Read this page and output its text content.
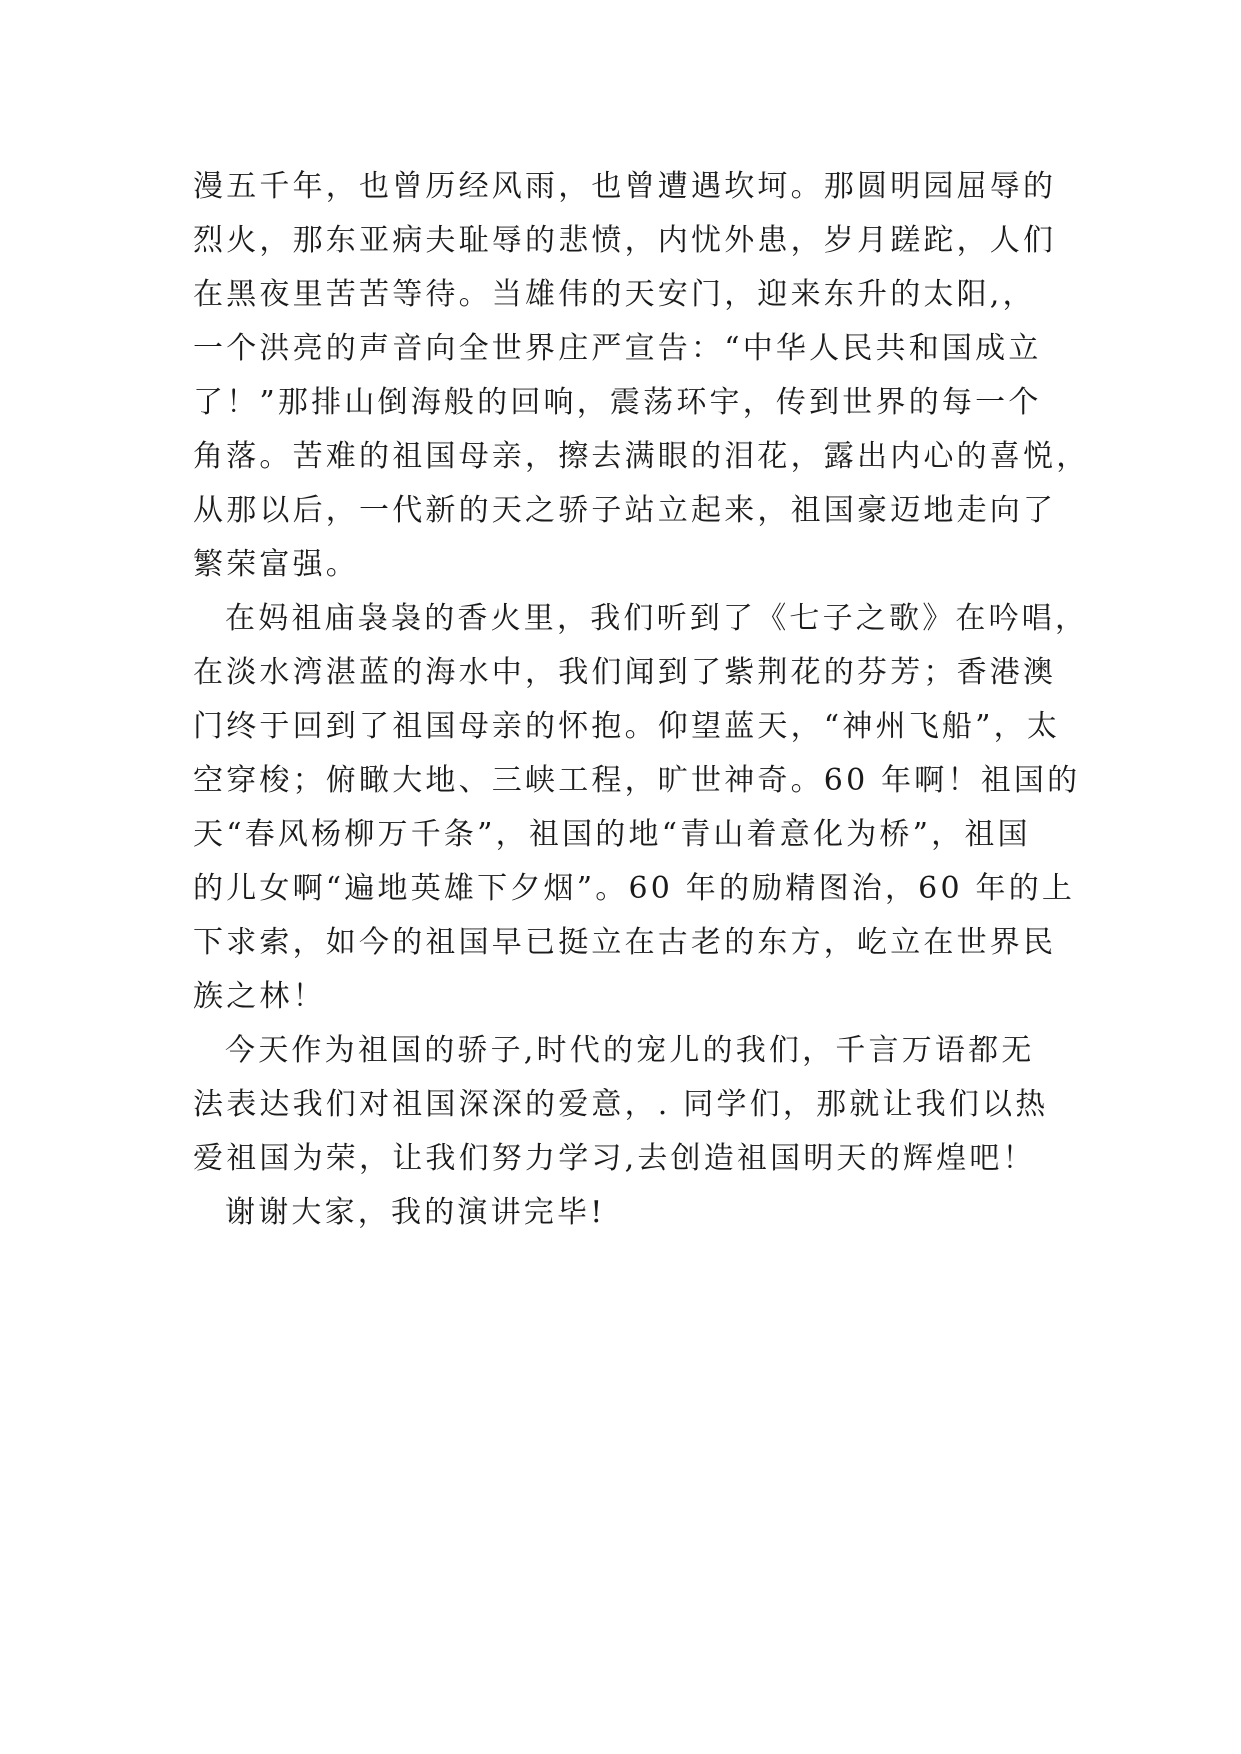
漫五千年，也曾历经风雨，也曾遭遇坎坷。那圆明园屈辱的
烈火，那东亚病夫耻辱的悲愤，内忧外患，岁月蹉跎，人们
在黑夜里苦苦等待。当雄伟的天安门，迎来东升的太阳,，
一个洪亮的声音向全世界庄严宣告：“中华人民共和国成立
了！”那排山倒海般的回响，震荡环宇，传到世界的每一个
角落。苦难的祖国母亲，擦去满眼的泪花，露出内心的喜悦，
从那以后，一代新的天之骄子站立起来，祖国豪迈地走向了
繁荣富强。
在妈祖庙袅袅的香火里，我们听到了《七子之歌》在吟唱，
在淡水湾湛蓝的海水中，我们闻到了紫荆花的芬芳；香港澳
门终于回到了祖国母亲的怀抱。仰望蓝天，“神州飞船”，太
空穿梭；俯瞰大地、三峡工程，旷世神奇。60 年啊！祖国的
天“春风杨柳万千条”，祖国的地“青山着意化为桥”，祖国
的儿女啊“遍地英雄下夕烟”。60 年的励精图治，60 年的上
下求索，如今的祖国早已挺立在古老的东方，屹立在世界民
族之林！
今天作为祖国的骄子,时代的宠儿的我们，千言万语都无
法表达我们对祖国深深的爱意，. 同学们，那就让我们以热
爱祖国为荣，让我们努力学习,去创造祖国明天的辉煌吧！
谢谢大家，我的演讲完毕!
